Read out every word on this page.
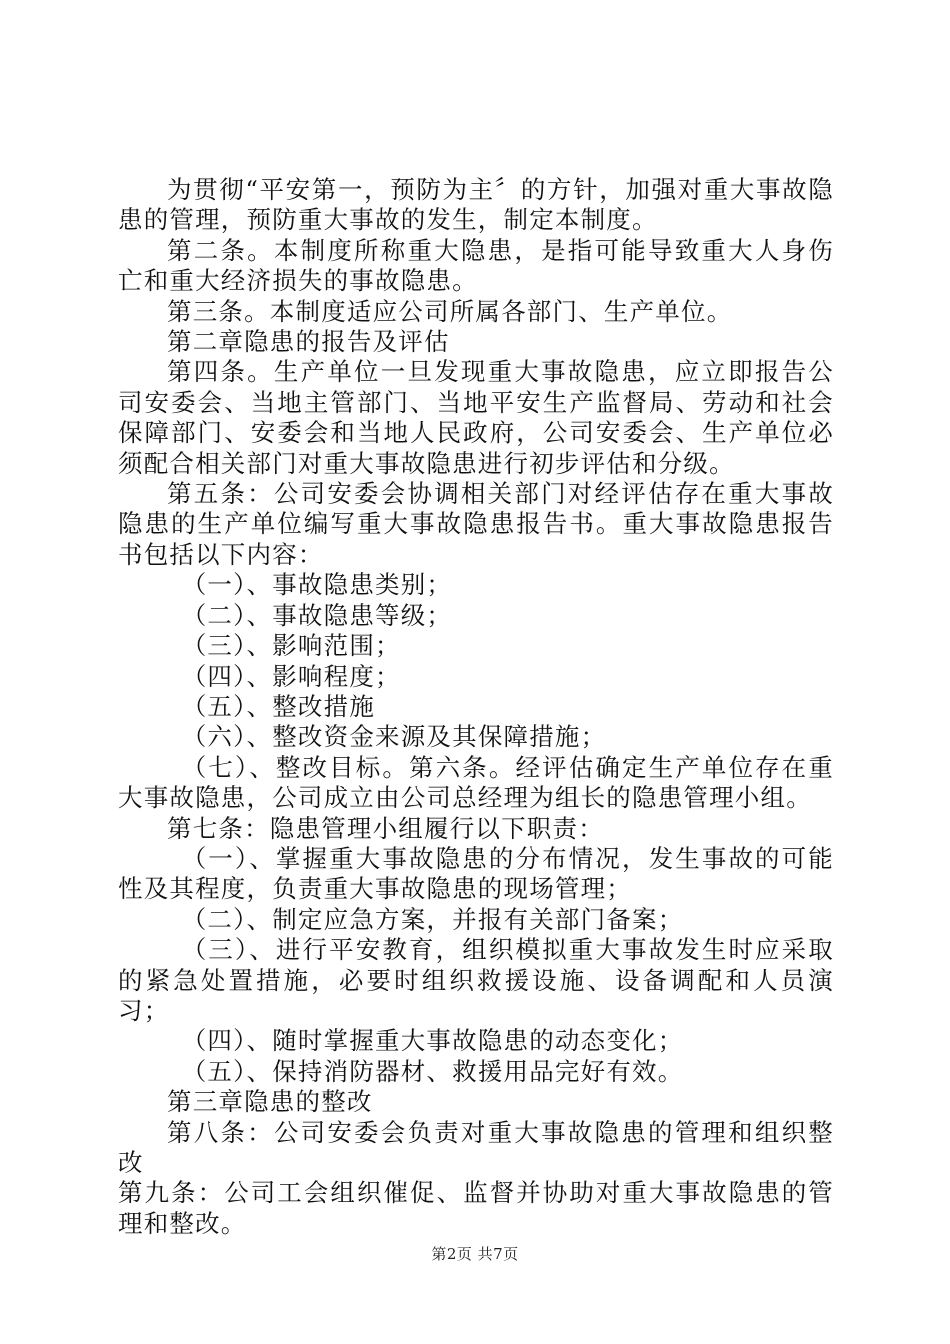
为贯彻“平安第一，预防为主〞的方针，加强对重大事故隐患的管理，预防重大事故的发生，制定本制度。

第二条。本制度所称重大隐患，是指可能导致重大人身伤亡和重大经济损失的事故隐患。

第三条。本制度适应公司所属各部门、生产单位。

第二章隐患的报告及评估

第四条。生产单位一旦发现重大事故隐患，应立即报告公司安委会、当地主管部门、当地平安生产监督局、劳动和社会保障部门、安委会和当地人民政府，公司安委会、生产单位必须配合相关部门对重大事故隐患进行初步评估和分级。

第五条：公司安委会协调相关部门对经评估存在重大事故隐患的生产单位编写重大事故隐患报告书。重大事故隐患报告书包括以下内容：

（一）、事故隐患类别；

（二）、事故隐患等级；

（三）、影响范围；

（四）、影响程度；

（五）、整改措施

（六）、整改资金来源及其保障措施；

（七）、整改目标。第六条。经评估确定生产单位存在重大事故隐患，公司成立由公司总经理为组长的隐患管理小组。

第七条：隐患管理小组履行以下职责：

（一）、掌握重大事故隐患的分布情况，发生事故的可能性及其程度，负责重大事故隐患的现场管理；

（二）、制定应急方案，并报有关部门备案；

（三）、进行平安教育，组织模拟重大事故发生时应采取的紧急处置措施，必要时组织救援设施、设备调配和人员演习；

（四）、随时掌握重大事故隐患的动态变化；

（五）、保持消防器材、救援用品完好有效。

第三章隐患的整改

第八条：公司安委会负责对重大事故隐患的管理和组织整改

第九条：公司工会组织催促、监督并协助对重大事故隐患的管理和整改。

第2页 共7页
